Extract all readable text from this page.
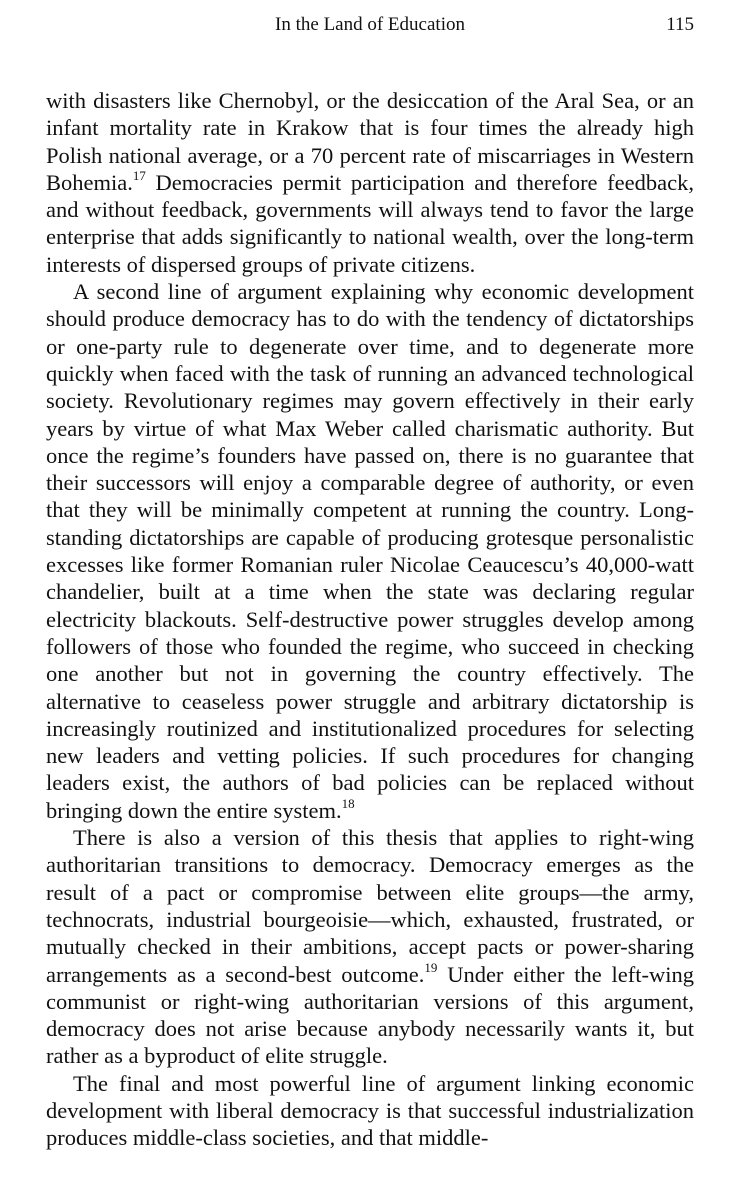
In the Land of Education	115

with disasters like Chernobyl, or the desiccation of the Aral Sea, or an infant mortality rate in Krakow that is four times the already high Polish national average, or a 70 percent rate of miscarriages in Western Bohemia.$^{17}$ Democracies permit participation and therefore feedback, and without feedback, governments will always tend to favor the large enterprise that adds significantly to national wealth, over the long-term interests of dispersed groups of private citizens.

A second line of argument explaining why economic development should produce democracy has to do with the tendency of dictatorships or one-party rule to degenerate over time, and to degenerate more quickly when faced with the task of running an advanced technological society. Revolutionary regimes may govern effectively in their early years by virtue of what Max Weber called charismatic authority. But once the regime’s founders have passed on, there is no guarantee that their successors will enjoy a comparable degree of authority, or even that they will be minimally competent at running the country. Long-standing dictatorships are capable of producing grotesque personalistic excesses like former Romanian ruler Nicolae Ceaucescu’s 40,000-watt chandelier, built at a time when the state was declaring regular electricity blackouts. Self-destructive power struggles develop among followers of those who founded the regime, who succeed in checking one another but not in governing the country effectively. The alternative to ceaseless power struggle and arbitrary dictatorship is increasingly routinized and institutionalized procedures for selecting new leaders and vetting policies. If such procedures for changing leaders exist, the authors of bad policies can be replaced without bringing down the entire system.$^{18}$

There is also a version of this thesis that applies to right-wing authoritarian transitions to democracy. Democracy emerges as the result of a pact or compromise between elite groups—the army, technocrats, industrial bourgeoisie—which, exhausted, frustrated, or mutually checked in their ambitions, accept pacts or power-sharing arrangements as a second-best outcome.$^{19}$ Under either the left-wing communist or right-wing authoritarian versions of this argument, democracy does not arise because anybody necessarily wants it, but rather as a byproduct of elite struggle.

The final and most powerful line of argument linking economic development with liberal democracy is that successful industrialization produces middle-class societies, and that middle-
